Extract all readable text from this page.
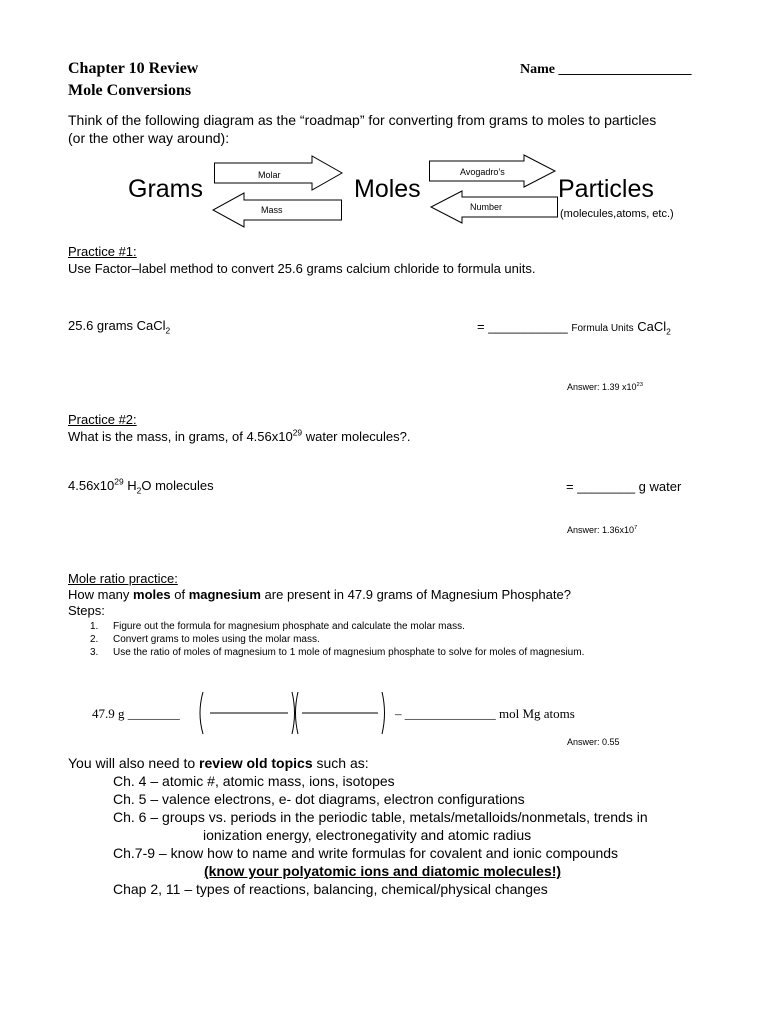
Chapter 10 Review
Mole Conversions
Name ___________________
Think of the following diagram as the “roadmap” for converting from grams to moles to particles
(or the other way around):
Grams	Moles	Particles
(molecules,atoms, etc.)
Molar
Mass
Avogadro’s
Number
Practice #1:
Use Factor–label method to convert 25.6 grams calcium chloride to formula units.
25.6 grams CaCl$_2$	= ___________ Formula Units CaCl$_2$
Answer: 1.39 $x10^{23}$
Practice #2:
What is the mass, in grams, of $4.56x10^{29}$ water molecules?.
$4.56x10^{29}$ $H_2O$ molecules	= ________ g water
Answer: $1.36x10^7$
Mole ratio practice:
How many moles of magnesium are present in 47.9 grams of Magnesium Phosphate?
Steps:
1. Figure out the formula for magnesium phosphate and calculate the molar mass.
2. Convert grams to moles using the molar mass.
3. Use the ratio of moles of magnesium to 1 mole of magnesium phosphate to solve for moles of magnesium.
47.9 g ________	– ______________ mol Mg atoms
Answer: 0.55
You will also need to review old topics such as:
Ch. 4 – atomic #, atomic mass, ions, isotopes
Ch. 5 – valence electrons, e- dot diagrams, electron configurations
Ch. 6 – groups vs. periods in the periodic table, metals/metalloids/nonmetals, trends in
ionization energy, electronegativity and atomic radius
Ch.7-9 – know how to name and write formulas for covalent and ionic compounds
(know your polyatomic ions and diatomic molecules!)
Chap 2, 11 – types of reactions, balancing, chemical/physical changes
